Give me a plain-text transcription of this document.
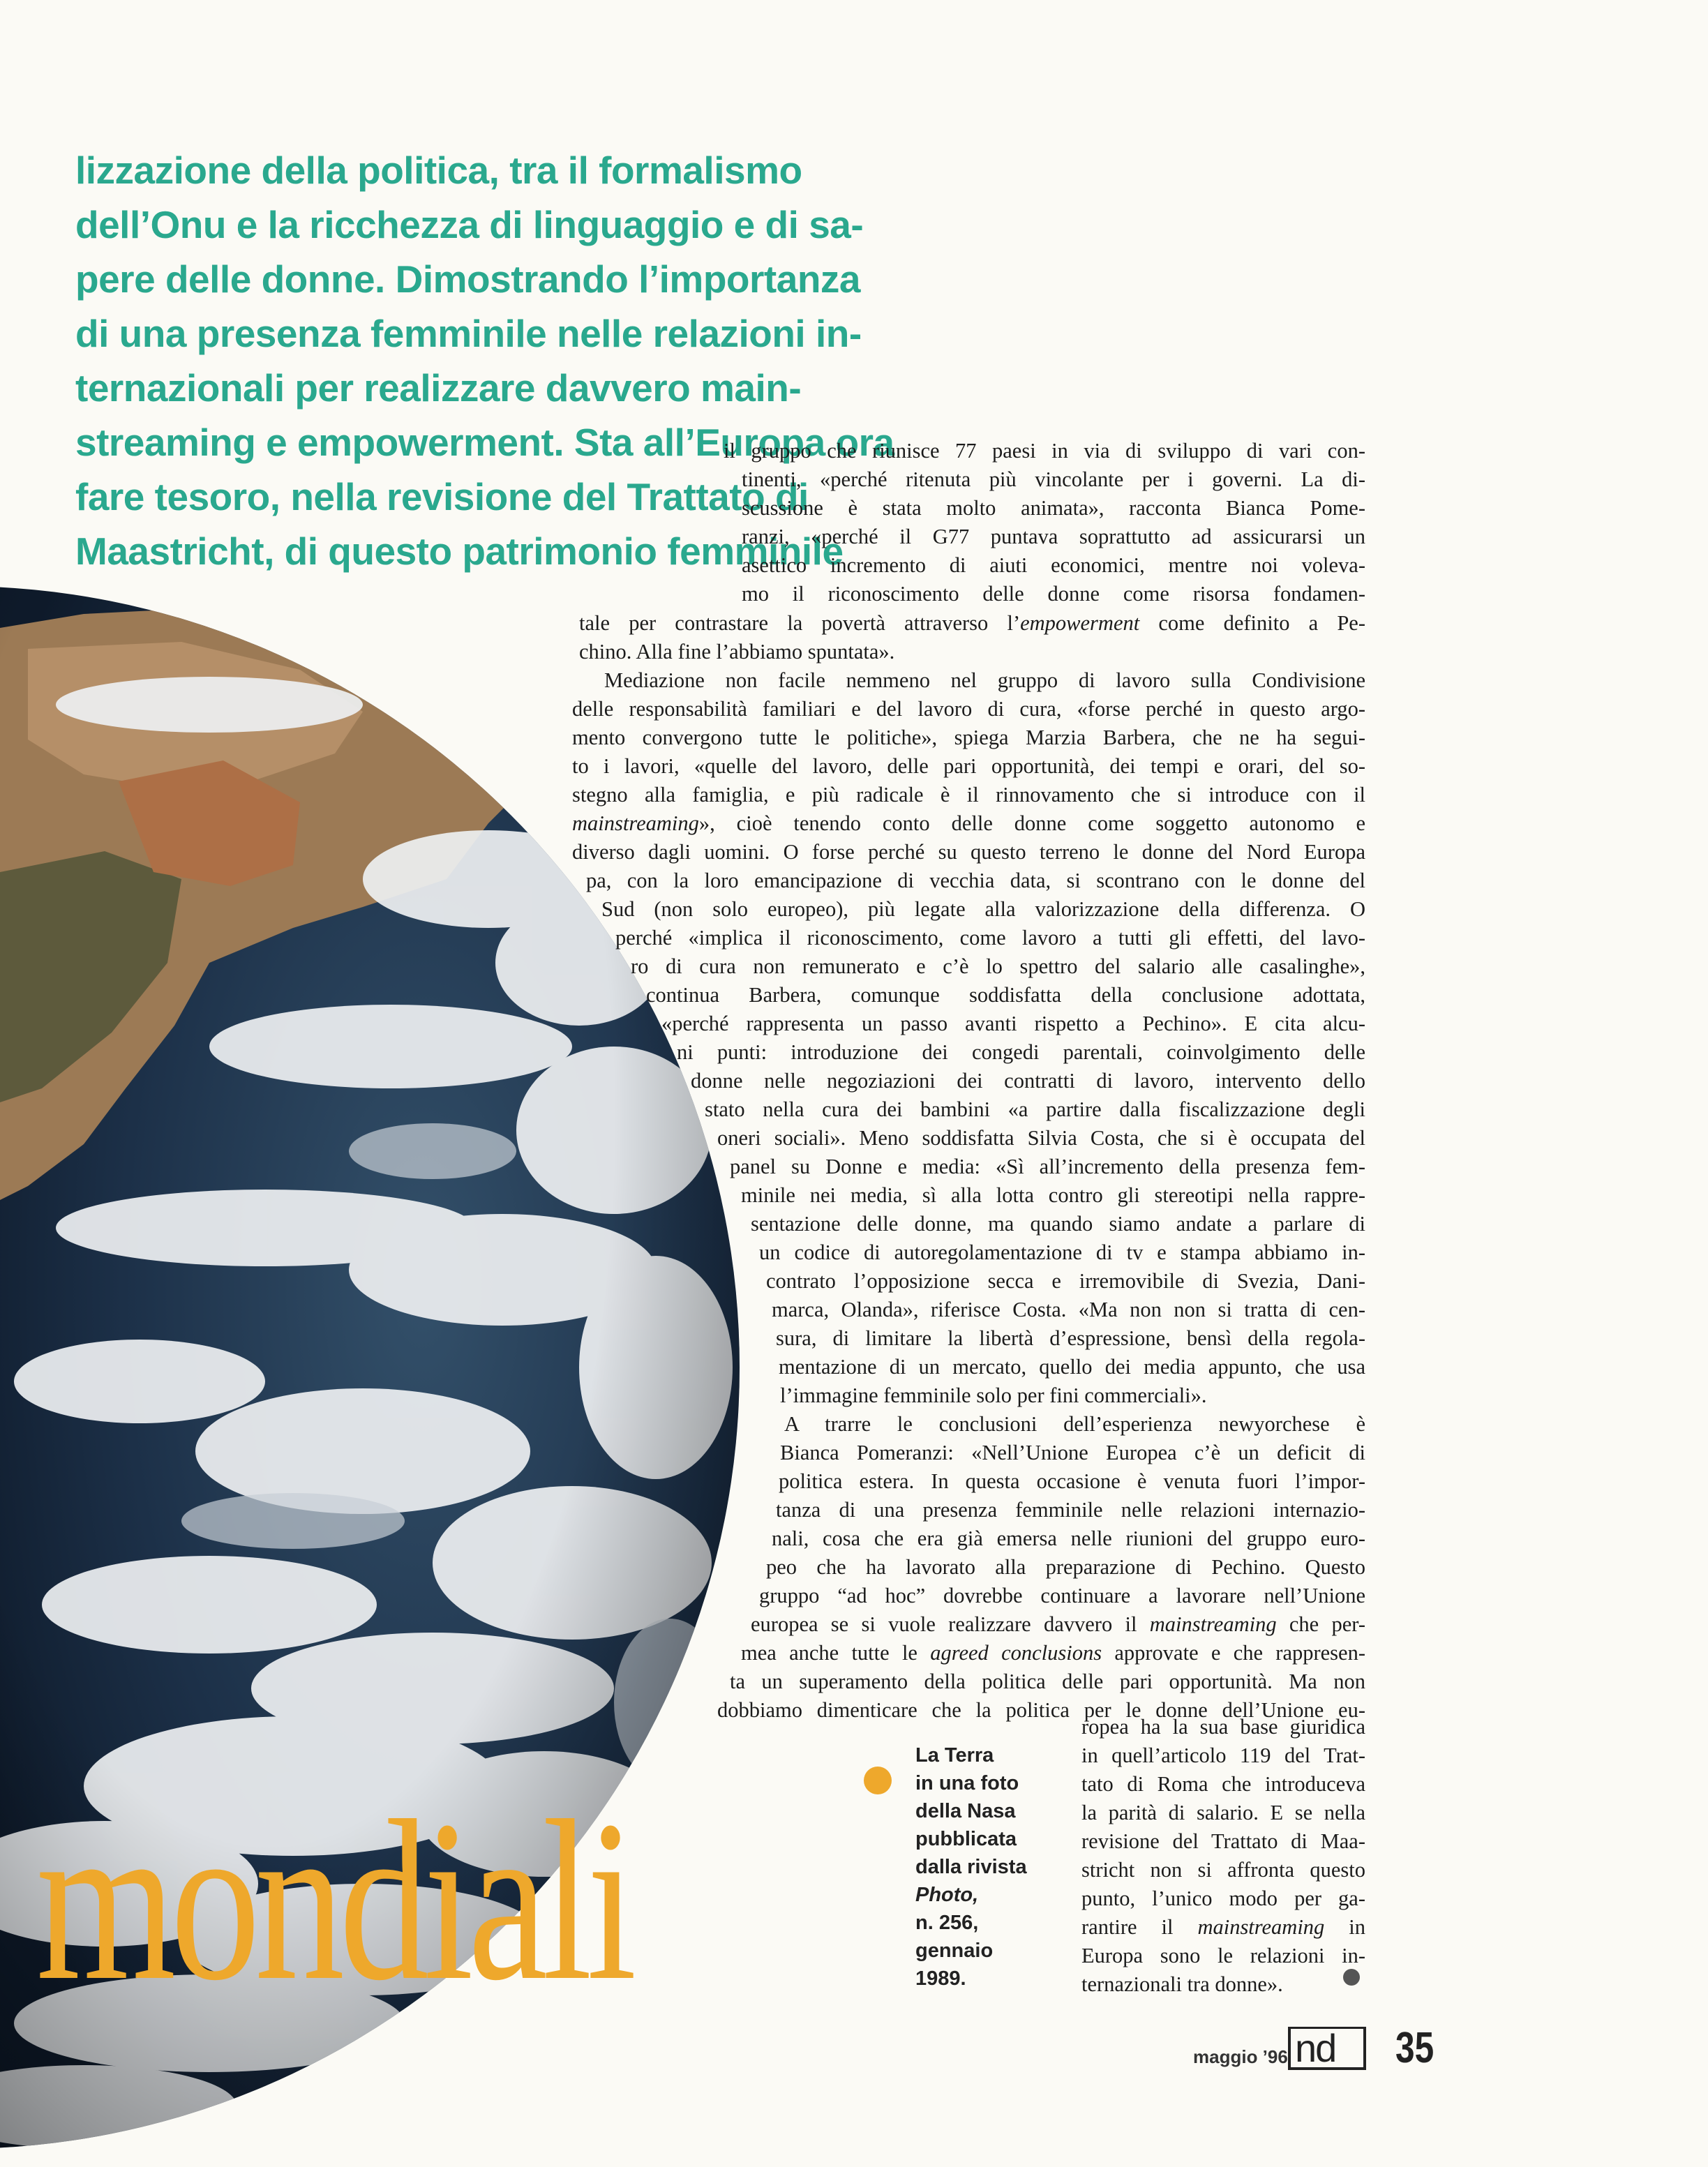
lizzazione della politica, tra il formalismo
dell’Onu e la ricchezza di linguaggio e di sa-
pere delle donne. Dimostrando l’importanza
di una presenza femminile nelle relazioni in-
ternazionali per realizzare davvero main-
streaming e empowerment. Sta all’Europa ora
fare tesoro, nella revisione del Trattato di
Maastricht, di questo patrimonio femminile
il gruppo che riunisce 77 paesi in via di sviluppo di vari con-
tinenti, «perché ritenuta più vincolante per i governi. La di-
scussione è stata molto animata», racconta Bianca Pome-
ranzi, «perché il G77 puntava soprattutto ad assicurarsi un
asettico incremento di aiuti economici, mentre noi voleva-
mo il riconoscimento delle donne come risorsa fondamen-
tale per contrastare la povertà attraverso l’empowerment come definito a Pe-
chino. Alla fine l’abbiamo spuntata».
Mediazione non facile nemmeno nel gruppo di lavoro sulla Condivisione
delle responsabilità familiari e del lavoro di cura, «forse perché in questo argo-
mento convergono tutte le politiche», spiega Marzia Barbera, che ne ha segui-
to i lavori, «quelle del lavoro, delle pari opportunità, dei tempi e orari, del so-
stegno alla famiglia, e più radicale è il rinnovamento che si introduce con il
mainstreaming», cioè tenendo conto delle donne come soggetto autonomo e
diverso dagli uomini. O forse perché su questo terreno le donne del Nord Europa
pa, con la loro emancipazione di vecchia data, si scontrano con le donne del
Sud (non solo europeo), più legate alla valorizzazione della differenza. O
perché «implica il riconoscimento, come lavoro a tutti gli effetti, del lavo-
ro di cura non remunerato e c’è lo spettro del salario alle casalinghe»,
continua Barbera, comunque soddisfatta della conclusione adottata,
«perché rappresenta un passo avanti rispetto a Pechino». E cita alcu-
ni punti: introduzione dei congedi parentali, coinvolgimento delle
donne nelle negoziazioni dei contratti di lavoro, intervento dello
stato nella cura dei bambini «a partire dalla fiscalizzazione degli
oneri sociali». Meno soddisfatta Silvia Costa, che si è occupata del
panel su Donne e media: «Sì all’incremento della presenza fem-
minile nei media, sì alla lotta contro gli stereotipi nella rappre-
sentazione delle donne, ma quando siamo andate a parlare di
un codice di autoregolamentazione di tv e stampa abbiamo in-
contrato l’opposizione secca e irremovibile di Svezia, Dani-
marca, Olanda», riferisce Costa. «Ma non non si tratta di cen-
sura, di limitare la libertà d’espressione, bensì della regola-
mentazione di un mercato, quello dei media appunto, che usa
l’immagine femminile solo per fini commerciali».
A trarre le conclusioni dell’esperienza newyorchese è
Bianca Pomeranzi: «Nell’Unione Europea c’è un deficit di
politica estera. In questa occasione è venuta fuori l’impor-
tanza di una presenza femminile nelle relazioni internazio-
nali, cosa che era già emersa nelle riunioni del gruppo euro-
peo che ha lavorato alla preparazione di Pechino. Questo
gruppo “ad hoc” dovrebbe continuare a lavorare nell’Unione
europea se si vuole realizzare davvero il mainstreaming che per-
mea anche tutte le agreed conclusions approvate e che rappresen-
ta un superamento della politica delle pari opportunità. Ma non
dobbiamo dimenticare che la politica per le donne dell’Unione eu-
ropea ha la sua base giuridica
in quell’articolo 119 del Trat-
tato di Roma che introduceva
la parità di salario. E se nella
revisione del Trattato di Maa-
stricht non si affronta questo
punto, l’unico modo per ga-
rantire il mainstreaming in
Europa sono le relazioni in-
ternazionali tra donne».
mondiali
La Terra
in una foto
della Nasa
pubblicata
dalla rivista
Photo,
n. 256,
gennaio
1989.
maggio ’96 nd 35
